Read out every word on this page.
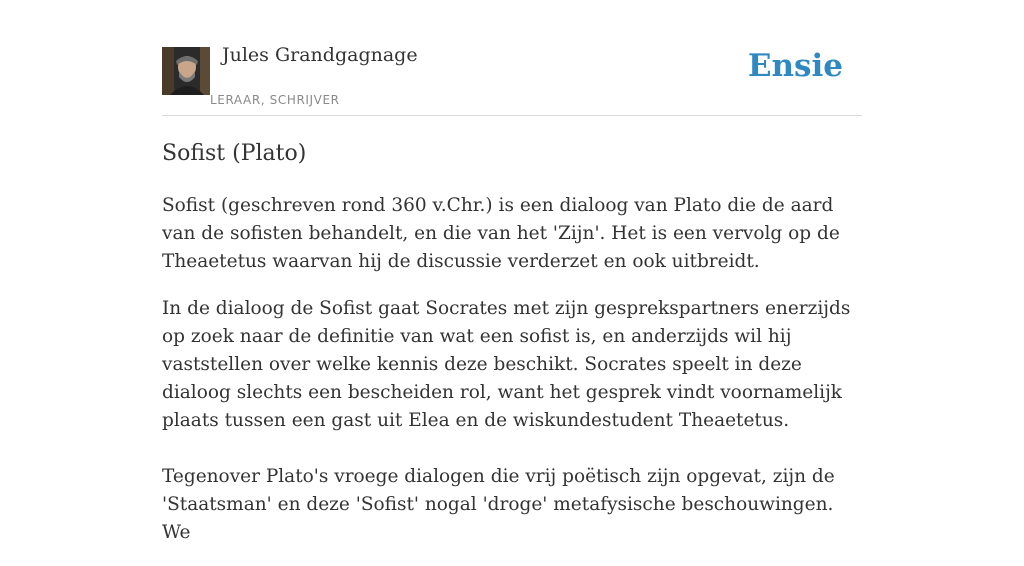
Jules Grandgagnage
LERAAR, SCHRIJVER
Ensie
Sofist (Plato)

Sofist (geschreven rond 360 v.Chr.) is een dialoog van Plato die de aard van de sofisten behandelt, en die van het 'Zijn'. Het is een vervolg op de Theaetetus waarvan hij de discussie verderzet en ook uitbreidt.

In de dialoog de Sofist gaat Socrates met zijn gesprekspartners enerzijds op zoek naar de definitie van wat een sofist is, en anderzijds wil hij vaststellen over welke kennis deze beschikt. Socrates speelt in deze dialoog slechts een bescheiden rol, want het gesprek vindt voornamelijk plaats tussen een gast uit Elea en de wiskundestudent Theaetetus.

Tegenover Plato's vroege dialogen die vrij poëtisch zijn opgevat, zijn de 'Staatsman' en deze 'Sofist' nogal 'droge' metafysische beschouwingen. We
